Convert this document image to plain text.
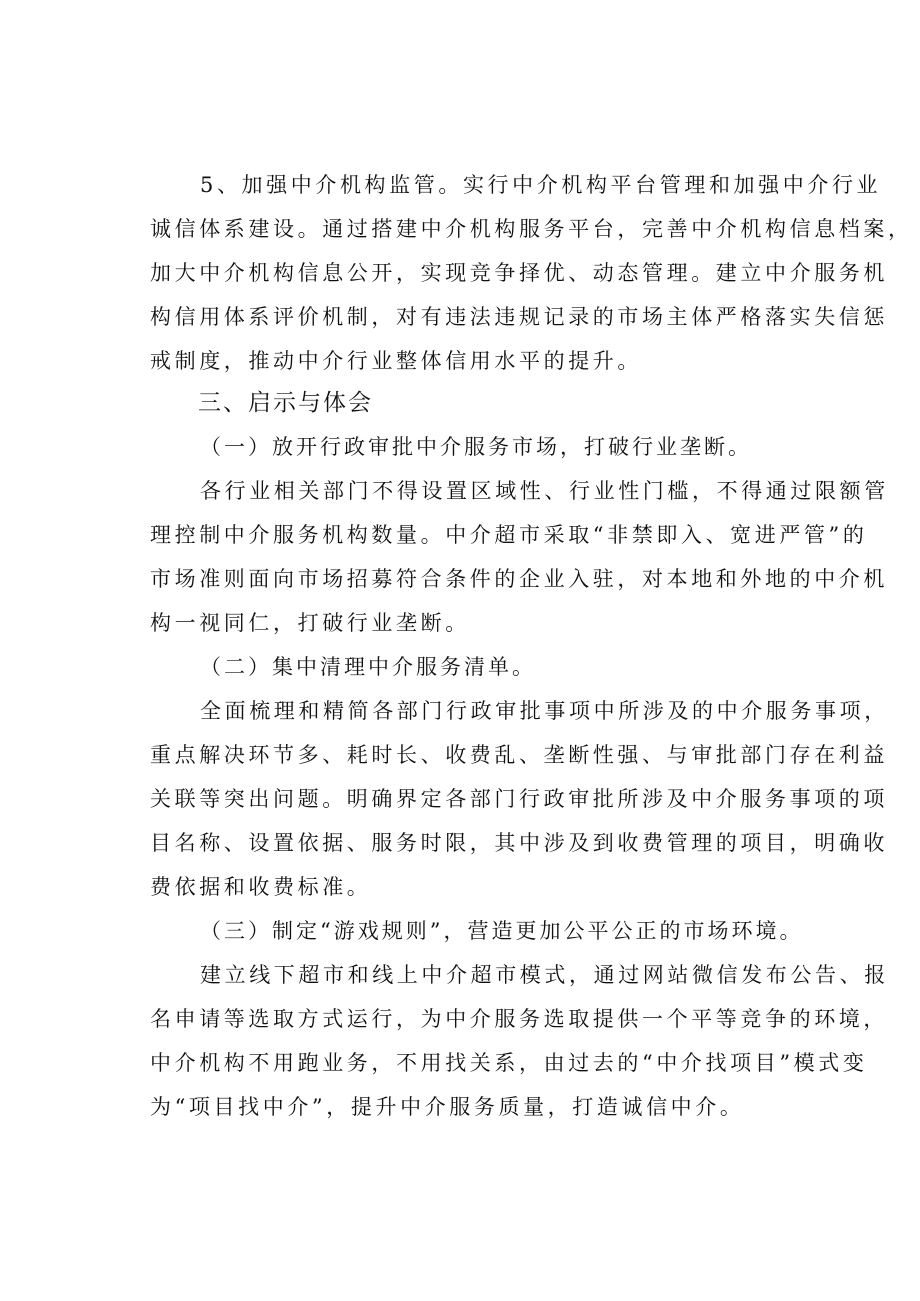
5、加强中介机构监管。实行中介机构平台管理和加强中介行业
诚信体系建设。通过搭建中介机构服务平台，完善中介机构信息档案，
加大中介机构信息公开，实现竞争择优、动态管理。建立中介服务机
构信用体系评价机制，对有违法违规记录的市场主体严格落实失信惩
戒制度，推动中介行业整体信用水平的提升。
三、启示与体会
（一）放开行政审批中介服务市场，打破行业垄断。
各行业相关部门不得设置区域性、行业性门槛，不得通过限额管
理控制中介服务机构数量。中介超市采取“非禁即入、宽进严管”的
市场准则面向市场招募符合条件的企业入驻，对本地和外地的中介机
构一视同仁，打破行业垄断。
（二）集中清理中介服务清单。
全面梳理和精简各部门行政审批事项中所涉及的中介服务事项，
重点解决环节多、耗时长、收费乱、垄断性强、与审批部门存在利益
关联等突出问题。明确界定各部门行政审批所涉及中介服务事项的项
目名称、设置依据、服务时限，其中涉及到收费管理的项目，明确收
费依据和收费标准。
（三）制定“游戏规则”，营造更加公平公正的市场环境。
建立线下超市和线上中介超市模式，通过网站微信发布公告、报
名申请等选取方式运行，为中介服务选取提供一个平等竞争的环境，
中介机构不用跑业务，不用找关系，由过去的“中介找项目”模式变
为“项目找中介”，提升中介服务质量，打造诚信中介。
